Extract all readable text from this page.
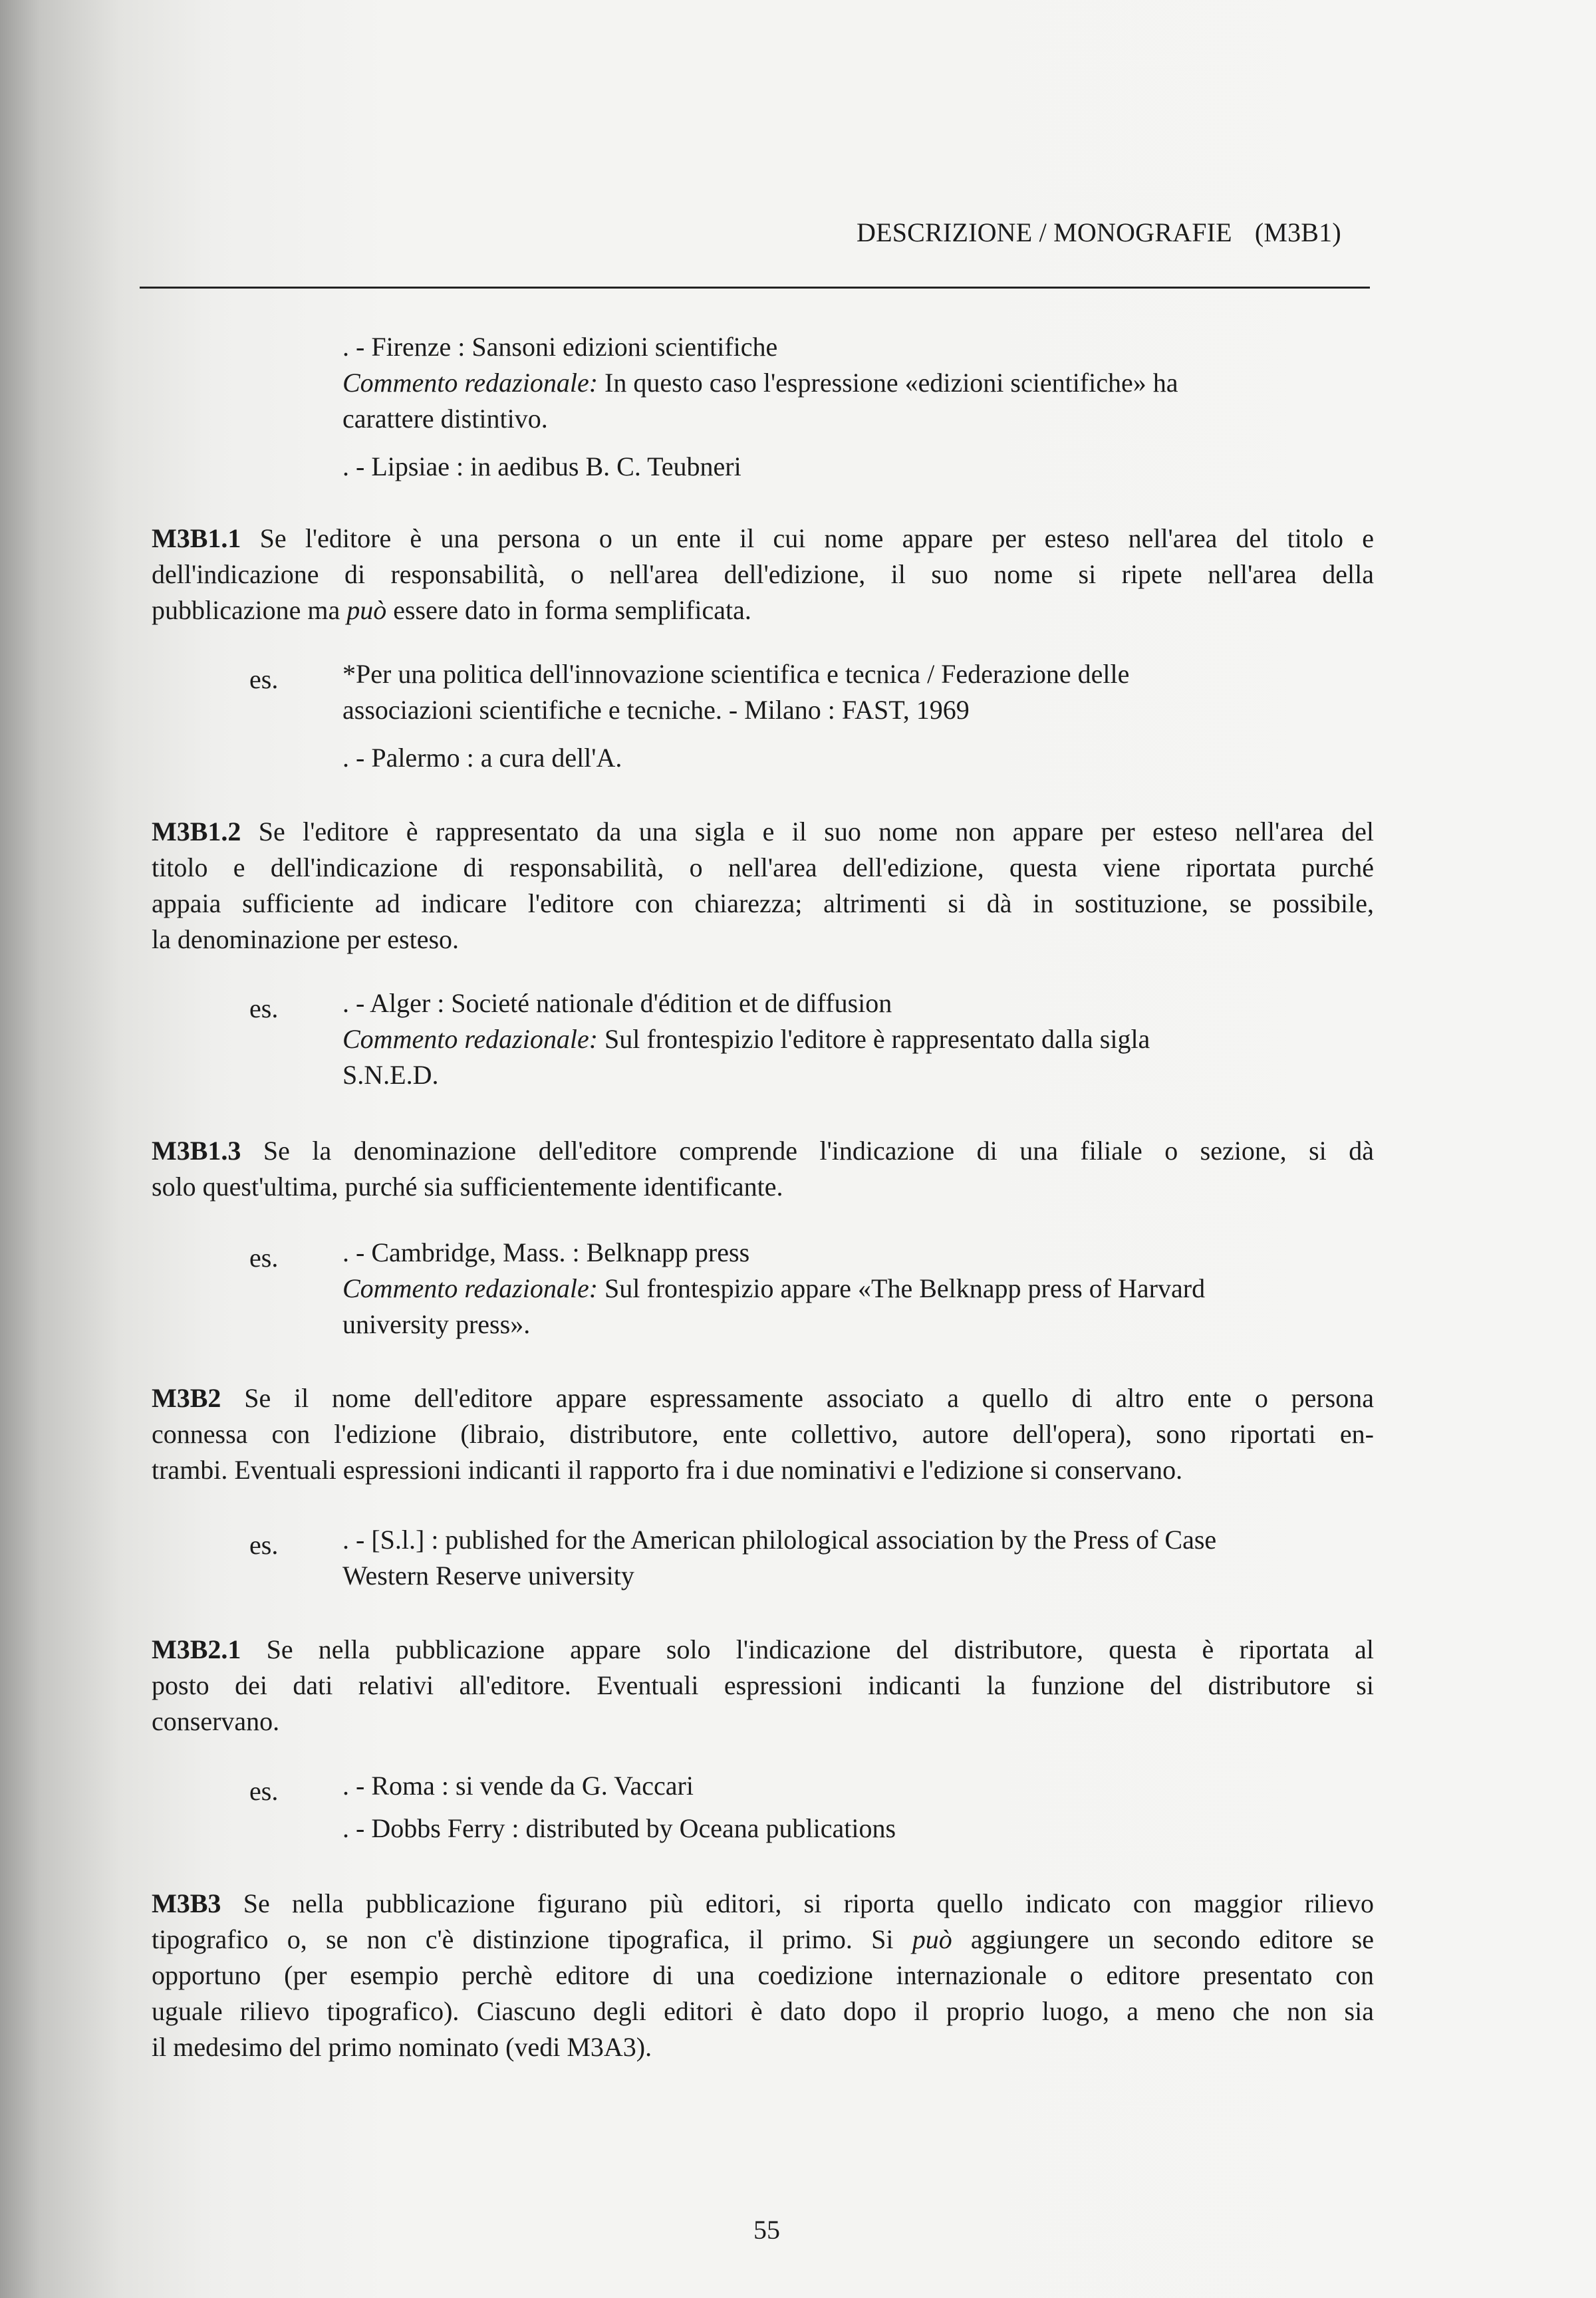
DESCRIZIONE / MONOGRAFIE (M3B1)
. - Firenze : Sansoni edizioni scientifiche
Commento redazionale: In questo caso l'espressione «edizioni scientifiche» ha
carattere distintivo.
. - Lipsiae : in aedibus B. C. Teubneri
M3B1.1 Se l'editore è una persona o un ente il cui nome appare per esteso nell'area del titolo e
dell'indicazione di responsabilità, o nell'area dell'edizione, il suo nome si ripete nell'area della
pubblicazione ma può essere dato in forma semplificata.
es. *Per una politica dell'innovazione scientifica e tecnica / Federazione delle
associazioni scientifiche e tecniche. - Milano : FAST, 1969
. - Palermo : a cura dell'A.
M3B1.2 Se l'editore è rappresentato da una sigla e il suo nome non appare per esteso nell'area del
titolo e dell'indicazione di responsabilità, o nell'area dell'edizione, questa viene riportata purché
appaia sufficiente ad indicare l'editore con chiarezza; altrimenti si dà in sostituzione, se possibile,
la denominazione per esteso.
es. . - Alger : Societé nationale d'édition et de diffusion
Commento redazionale: Sul frontespizio l'editore è rappresentato dalla sigla
S.N.E.D.
M3B1.3 Se la denominazione dell'editore comprende l'indicazione di una filiale o sezione, si dà
solo quest'ultima, purché sia sufficientemente identificante.
es. . - Cambridge, Mass. : Belknapp press
Commento redazionale: Sul frontespizio appare «The Belknapp press of Harvard
university press».
M3B2 Se il nome dell'editore appare espressamente associato a quello di altro ente o persona
connessa con l'edizione (libraio, distributore, ente collettivo, autore dell'opera), sono riportati en-
trambi. Eventuali espressioni indicanti il rapporto fra i due nominativi e l'edizione si conservano.
es. . - [S.l.] : published for the American philological association by the Press of Case
Western Reserve university
M3B2.1 Se nella pubblicazione appare solo l'indicazione del distributore, questa è riportata al
posto dei dati relativi all'editore. Eventuali espressioni indicanti la funzione del distributore si
conservano.
es. . - Roma : si vende da G. Vaccari
. - Dobbs Ferry : distributed by Oceana publications
M3B3 Se nella pubblicazione figurano più editori, si riporta quello indicato con maggior rilievo
tipografico o, se non c'è distinzione tipografica, il primo. Si può aggiungere un secondo editore se
opportuno (per esempio perchè editore di una coedizione internazionale o editore presentato con
uguale rilievo tipografico). Ciascuno degli editori è dato dopo il proprio luogo, a meno che non sia
il medesimo del primo nominato (vedi M3A3).
55
